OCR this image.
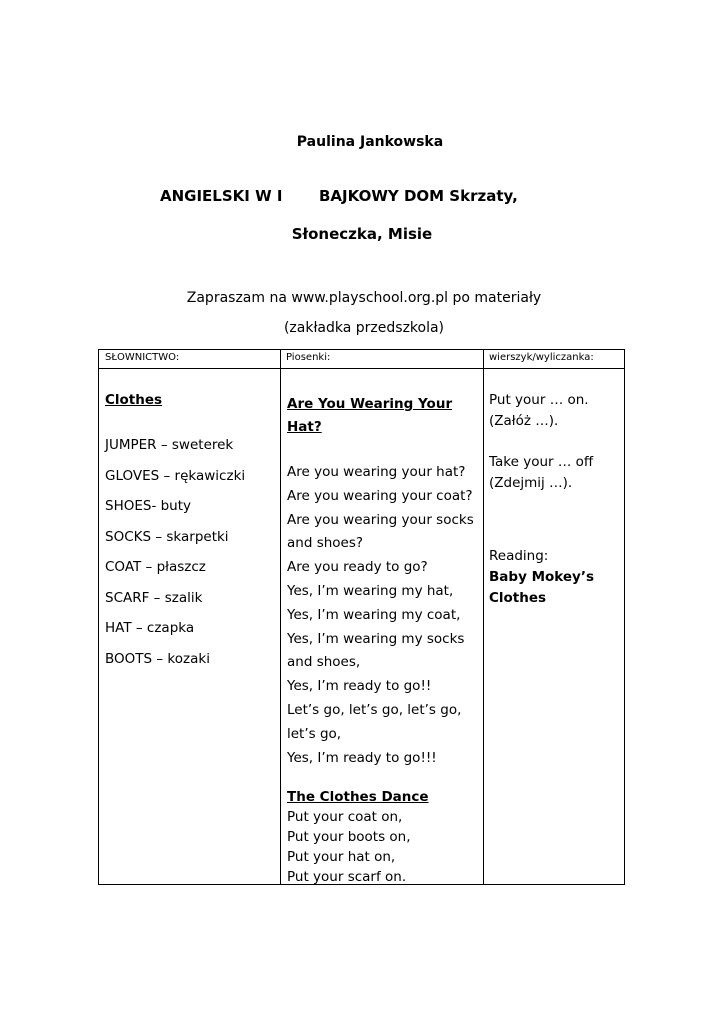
Paulina Jankowska
ANGIELSKI W I       BAJKOWY DOM Skrzaty,
Słoneczka, Misie
Zapraszam na www.playschool.org.pl po materiały
(zakładka przedszkola)
SŁOWNICTWO:	Piosenki:	wierszyk/wyliczanka:
Clothes
JUMPER – sweterek
GLOVES – rękawiczki
SHOES- buty
SOCKS – skarpetki
COAT – płaszcz
SCARF – szalik
HAT – czapka
BOOTS – kozaki
Are You Wearing Your
Hat?
Are you wearing your hat?
Are you wearing your coat?
Are you wearing your socks
and shoes?
Are you ready to go?
Yes, I’m wearing my hat,
Yes, I’m wearing my coat,
Yes, I’m wearing my socks
and shoes,
Yes, I’m ready to go!!
Let’s go, let’s go, let’s go,
let’s go,
Yes, I’m ready to go!!!
The Clothes Dance
Put your coat on,
Put your boots on,
Put your hat on,
Put your scarf on.
Put your … on.
(Załóż …).
Take your … off
(Zdejmij …).
Reading:
Baby Mokey’s
Clothes
